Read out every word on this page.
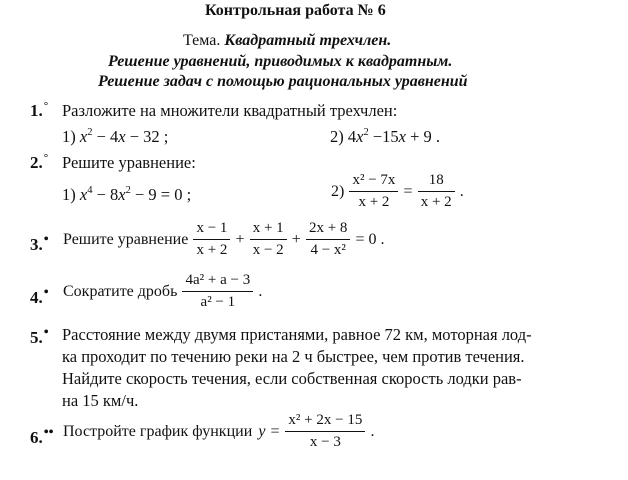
Контрольная работа № 6
Тема. Квадратный трехчлен.
Решение уравнений, приводимых к квадратным.
Решение задач с помощью рациональных уравнений
1.° Разложите на множители квадратный трехчлен:
1) $x^2 - 4x - 32$ ;	2) $4x^2 -15x + 9$ .
2.° Решите уравнение:
1) $x^4 - 8x^2 - 9 = 0$ ;	$2) \frac{\text{x² − 7x}}{x + 2} = \frac{18}{x + 2}$ .
3.• Решите уравнение $\frac{x - 1}{x + 2} + \frac{x + 1}{x - 2} + \frac{2x + 8}{\text{4 − x²}} = 0$ .
4.• Сократите дробь $\frac{\text{4a² + a − 3}}{\text{a² − 1}}$ .
5.• Расстояние между двумя пристанями, равное 72 км, моторная лод-
ка проходит по течению реки на 2 ч быстрее, чем против течения.
Найдите скорость течения, если собственная скорость лодки рав-
на 15 км/ч.
6.•• Постройте график функции $y = \frac{\text{x² + 2x − 15}}{x - 3}$ .
